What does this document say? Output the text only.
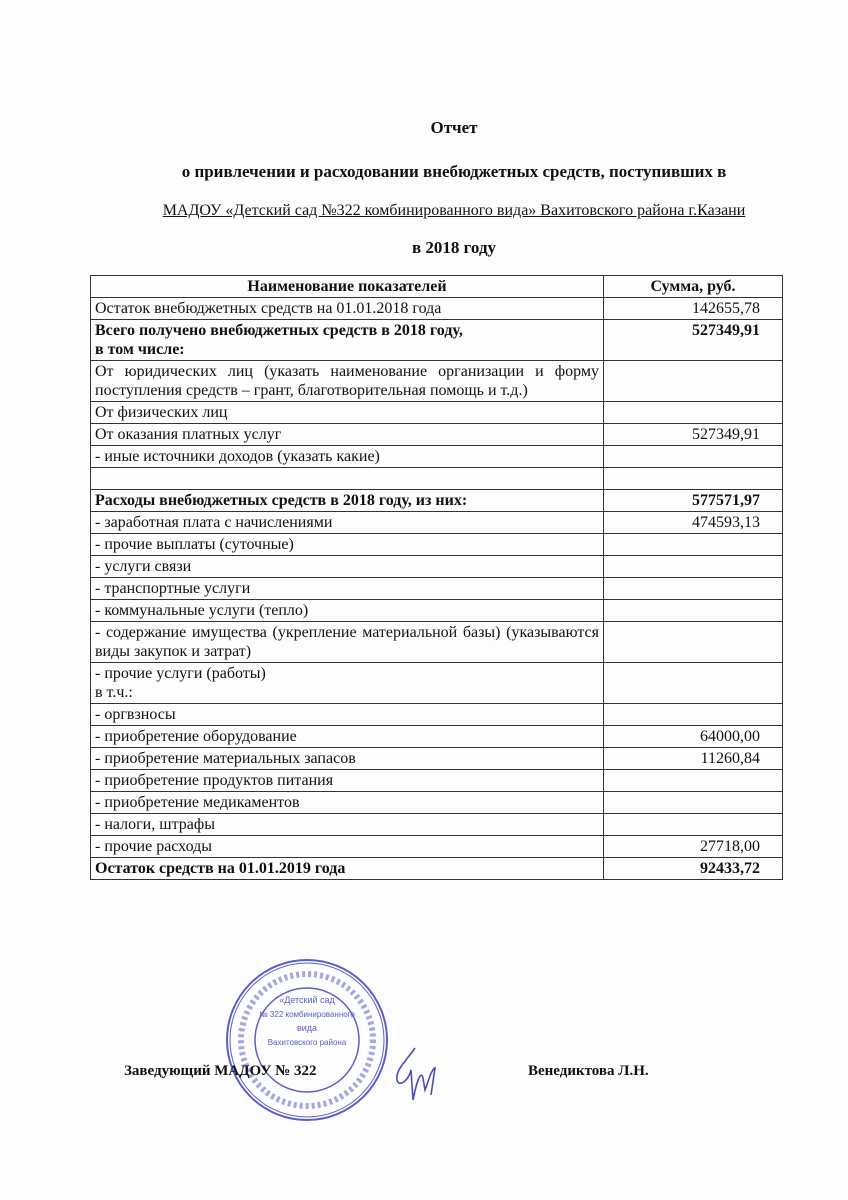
Отчет
о привлечении и расходовании внебюджетных средств, поступивших в
МАДОУ «Детский сад №322 комбинированного вида» Вахитовского района г.Казани
в 2018 году
Наименование показателей	Сумма, руб.
Остаток внебюджетных средств на 01.01.2018 года	142655,78
Всего получено внебюджетных средств в 2018 году,
в том числе:	527349,91
От юридических лиц (указать наименование организации и форму поступления средств – грант, благотворительная помощь и т.д.)	
От физических лиц	
От оказания платных услуг	527349,91
- иные источники доходов (указать какие)	

Расходы внебюджетных средств в 2018 году, из них:	577571,97
- заработная плата с начислениями	474593,13
- прочие выплаты (суточные)	
- услуги связи	
- транспортные услуги	
- коммунальные услуги (тепло)	
- содержание имущества (укрепление материальной базы) (указываются виды закупок и затрат)	
- прочие услуги (работы)
в т.ч.:	
- оргвзносы	
- приобретение оборудование	64000,00
- приобретение материальных запасов	11260,84
- приобретение продуктов питания	
- приобретение медикаментов	
- налоги, штрафы	
- прочие расходы	27718,00
Остаток средств на 01.01.2019 года	92433,72
«Детский сад
№ 322 комбинированного
вида
Вахитовского района
Заведующий МАДОУ № 322	Венедиктова Л.Н.
